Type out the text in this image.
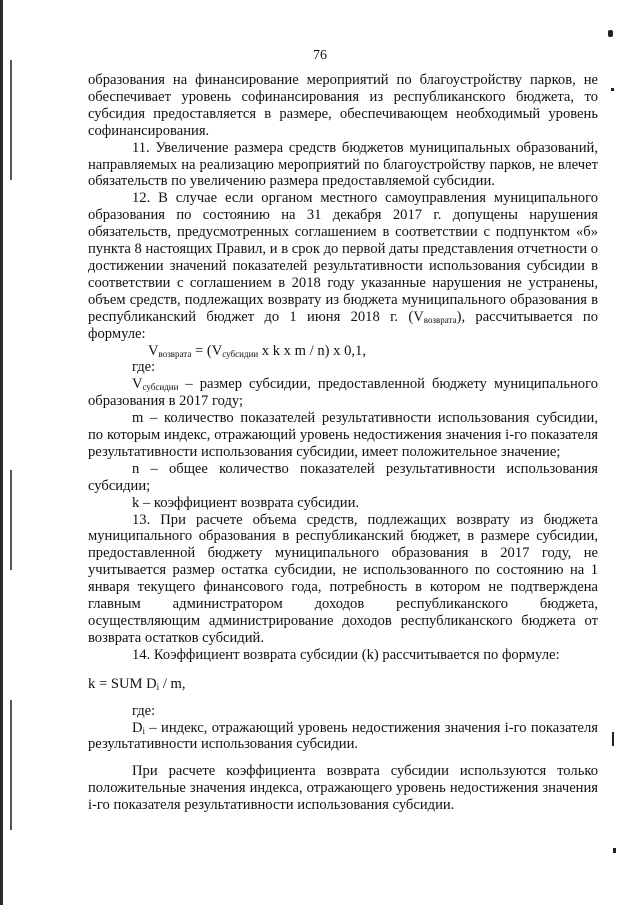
76

образования на финансирование мероприятий по благоустройству парков, не обеспечивает уровень софинансирования из республиканского бюджета, то субсидия предоставляется в размере, обеспечивающем необходимый уровень софинансирования.

11. Увеличение размера средств бюджетов муниципальных образований, направляемых на реализацию мероприятий по благоустройству парков, не влечет обязательств по увеличению размера предоставляемой субсидии.

12. В случае если органом местного самоуправления муниципального образования по состоянию на 31 декабря 2017 г. допущены нарушения обязательств, предусмотренных соглашением в соответствии с подпунктом «б» пункта 8 настоящих Правил, и в срок до первой даты представления отчетности о достижении значений показателей результативности использования субсидии в соответствии с соглашением в 2018 году указанные нарушения не устранены, объем средств, подлежащих возврату из бюджета муниципального образования в республиканский бюджет до 1 июня 2018 г. $(V_{возврата})$, рассчитывается по формуле:

$V_{возврата} = (V_{субсидии}$ x k x m / n) x 0,1,

где:

$V_{субсидии}$ – размер субсидии, предоставленной бюджету муниципального образования в 2017 году;

m – количество показателей результативности использования субсидии, по которым индекс, отражающий уровень недостижения значения i-го показателя результативности использования субсидии, имеет положительное значение;

n – общее количество показателей результативности использования субсидии;

k – коэффициент возврата субсидии.

13. При расчете объема средств, подлежащих возврату из бюджета муниципального образования в республиканский бюджет, в размере субсидии, предоставленной бюджету муниципального образования в 2017 году, не учитывается размер остатка субсидии, не использованного по состоянию на 1 января текущего финансового года, потребность в котором не подтверждена главным администратором доходов республиканского бюджета, осуществляющим администрирование доходов республиканского бюджета от возврата остатков субсидий.

14. Коэффициент возврата субсидии (k) рассчитывается по формуле:

k = SUM $D_i$ / m,

где:

$D_i$ – индекс, отражающий уровень недостижения значения i-го показателя результативности использования субсидии.

При расчете коэффициента возврата субсидии используются только положительные значения индекса, отражающего уровень недостижения значения i-го показателя результативности использования субсидии.
